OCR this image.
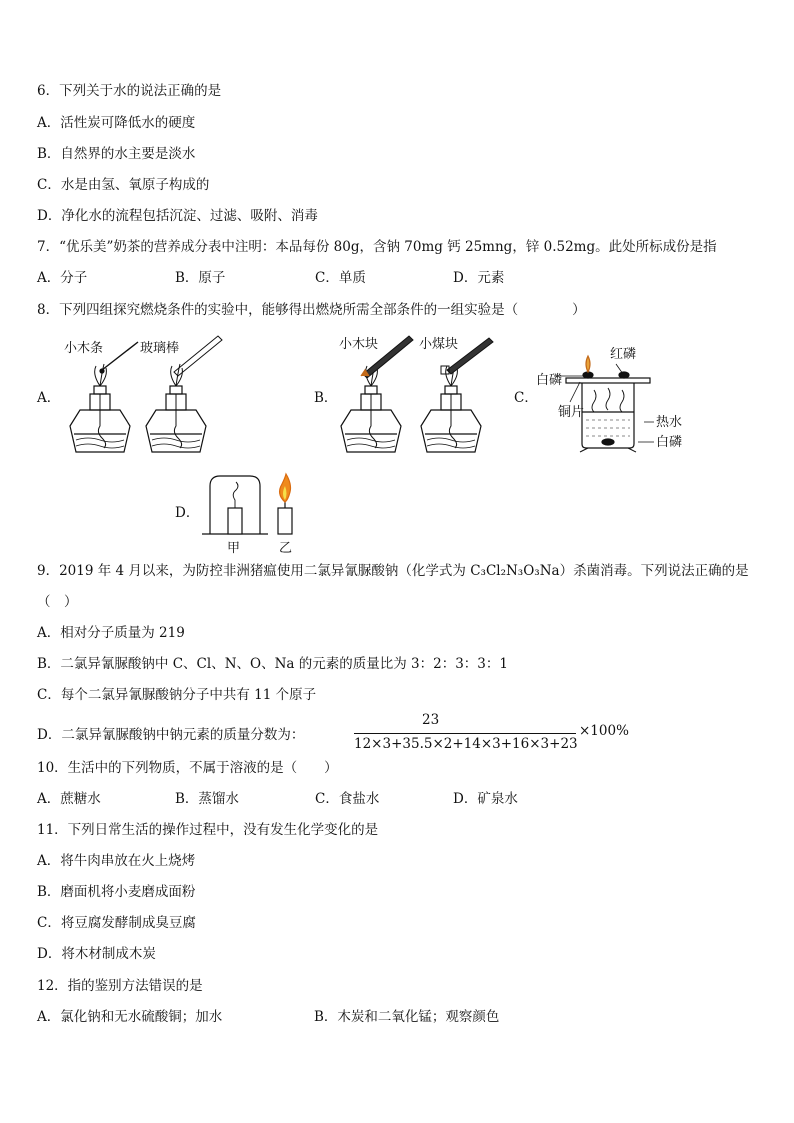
6．下列关于水的说法正确的是
A．活性炭可降低水的硬度
B．自然界的水主要是淡水
C．水是由氢、氧原子构成的
D．净化水的流程包括沉淀、过滤、吸附、消毒
7．“优乐美”奶茶的营养成分表中注明：本品每份 80g，含钠 70mg 钙 25mng，锌 0.52mg。此处所标成份是指
A．分子	B．原子	C．单质	D．元素
8．下列四组探究燃烧条件的实验中，能够得出燃烧所需全部条件的一组实验是（　　　　）
A．	B．	C．
D．
小木条	玻璃棒	小木块	小煤块
白磷
红磷
铜片
热水
白磷
甲	乙
9．2019 年 4 月以来，为防控非洲猪瘟使用二氯异氰脲酸钠（化学式为 C₃Cl₂N₃O₃Na）杀菌消毒。下列说法正确的是
（　）
A．相对分子质量为 219
B．二氯异氰脲酸钠中 C、Cl、N、O、Na 的元素的质量比为 3：2：3：3：1
C．每个二氯异氰脲酸钠分子中共有 11 个原子
D．二氯异氰脲酸钠中钠元素的质量分数为：
23
12×3+35.5×2+14×3+16×3+23
×100%
10．生活中的下列物质，不属于溶液的是（　　）
A．蔗糖水	B．蒸馏水	C．食盐水	D．矿泉水
11．下列日常生活的操作过程中，没有发生化学变化的是
A．将牛肉串放在火上烧烤
B．磨面机将小麦磨成面粉
C．将豆腐发酵制成臭豆腐
D．将木材制成木炭
12．指的鉴别方法错误的是
A．氯化钠和无水硫酸铜；加水	B．木炭和二氧化锰；观察颜色
